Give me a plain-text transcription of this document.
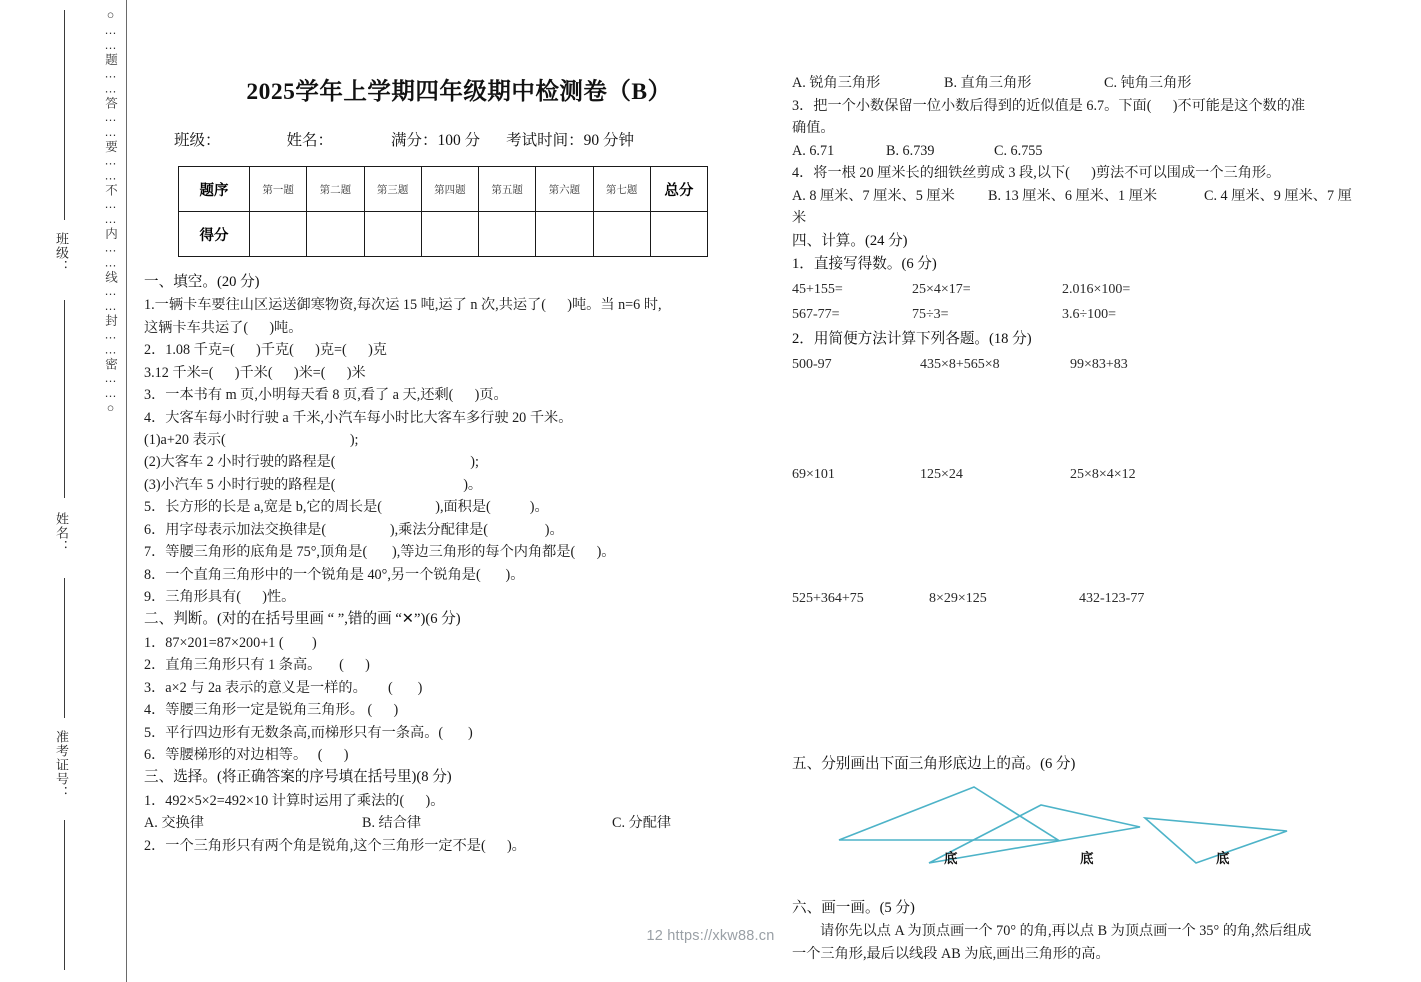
班级：
姓名：
准考证号：
○……题……答……要……不……内……线……封……密……○	2025学年上学期四年级期中检测卷（B）
班级：	姓名：	满分：100 分 考试时间：90 分钟
题序	第一题	第二题	第三题	第四题	第五题	第六题	第七题	总分
得分								
一、填空。(20 分)
1.一辆卡车要往山区运送御寒物资,每次运 15 吨,运了 n 次,共运了(      )吨。当 n=6 时,
这辆卡车共运了(      )吨。
2．1.08 千克=(      )千克(      )克=(      )克
3.12 千米=(      )千米(      )米=(      )米
3．一本书有 m 页,小明每天看 8 页,看了 a 天,还剩(      )页。
4．大客车每小时行驶 a 千米,小汽车每小时比大客车多行驶 20 千米。
(1)a+20 表示(                                   );
(2)大客车 2 小时行驶的路程是(                                      );
(3)小汽车 5 小时行驶的路程是(                                    )。
5．长方形的长是 a,宽是 b,它的周长是(               ),面积是(           )。
6．用字母表示加法交换律是(                  ),乘法分配律是(                )。
7．等腰三角形的底角是 75°,顶角是(       ),等边三角形的每个内角都是(      )。
8．一个直角三角形中的一个锐角是 40°,另一个锐角是(       )。
9．三角形具有(      )性。
二、判断。(对的在括号里画 “ ”,错的画 “✕”)(6 分)
1．87×201=87×200+1 (        )
2．直角三角形只有 1 条高。     (      )
3．a×2 与 2a 表示的意义是一样的。      (       )
4．等腰三角形一定是锐角三角形。 (      )
5．平行四边形有无数条高,而梯形只有一条高。(       )
6．等腰梯形的对边相等。   (      )
三、选择。(将正确答案的序号填在括号里)(8 分)
1．492×5×2=492×10 计算时运用了乘法的(      )。
A. 交换律	B. 结合律	C. 分配律
2．一个三角形只有两个角是锐角,这个三角形一定不是(      )。
A. 锐角三角形	B. 直角三角形	C. 钝角三角形
3．把一个小数保留一位小数后得到的近似值是 6.7。下面(      )不可能是这个数的准
确值。
A. 6.71	B. 6.739	C. 6.755
4．将一根 20 厘米长的细铁丝剪成 3 段,以下(      )剪法不可以围成一个三角形。
A. 8 厘米、7 厘米、5 厘米	B. 13 厘米、6 厘米、1 厘米	C. 4 厘米、9 厘米、7 厘
米
四、计算。(24 分)
1．直接写得数。(6 分)
45+155=	25×4×17=	2.016×100=
567-77=	75÷3=	3.6÷100=
2．用简便方法计算下列各题。(18 分)
500-97	435×8+565×8	99×83+83
69×101	125×24	25×8×4×12
525+364+75	8×29×125	432-123-77
五、分别画出下面三角形底边上的高。(6 分)
底	底	底
六、画一画。(5 分)
请你先以点 A 为顶点画一个 70° 的角,再以点 B 为顶点画一个 35° 的角,然后组成
一个三角形,最后以线段 AB 为底,画出三角形的高。
12 https://xkw88.cn
